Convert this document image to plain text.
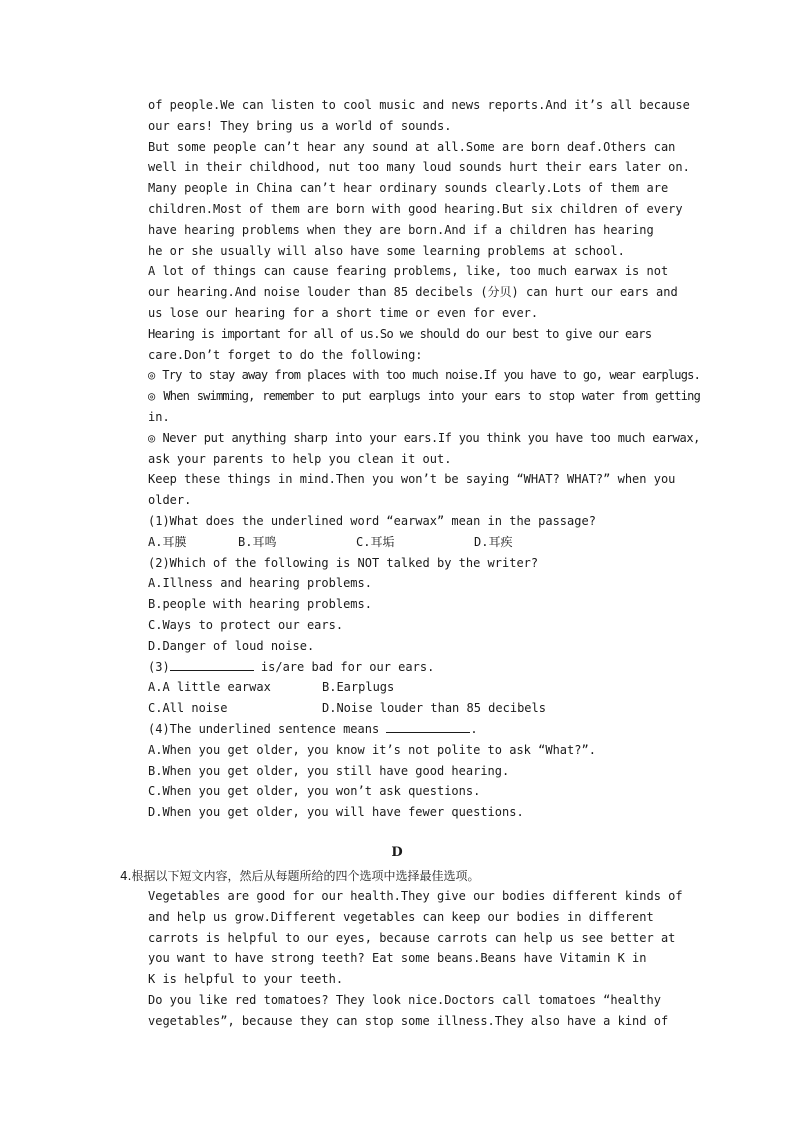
of people.We can listen to cool music and news reports.And it’s all because
our ears! They bring us a world of sounds.
But some people can’t hear any sound at all.Some are born deaf.Others can
well in their childhood, nut too many loud sounds hurt their ears later on.
Many people in China can’t hear ordinary sounds clearly.Lots of them are
children.Most of them are born with good hearing.But six children of every
have hearing problems when they are born.And if a children has hearing
he or she usually will also have some learning problems at school.
A lot of things can cause fearing problems, like, too much earwax is not
our hearing.And noise louder than 85 decibels (分贝) can hurt our ears and
us lose our hearing for a short time or even for ever.
Hearing is important for all of us.So we should do our best to give our ears
care.Don’t forget to do the following:
◎ Try to stay away from places with too much noise.If you have to go, wear earplugs.
◎ When swimming, remember to put earplugs into your ears to stop water from getting
in.
◎ Never put anything sharp into your ears.If you think you have too much earwax,
ask your parents to help you clean it out.
Keep these things in mind.Then you won’t be saying “WHAT? WHAT?” when you
older.
(1)What does the underlined word “earwax” mean in the passage?
A.耳膜	B.耳鸣	C.耳垢	D.耳疾
(2)Which of the following is NOT talked by the writer?
A.Illness and hearing problems.
B.people with hearing problems.
C.Ways to protect our ears.
D.Danger of loud noise.
(3)	is/are bad for our ears.
A.A little earwax	B.Earplugs
C.All noise	D.Noise louder than 85 decibels
(4)The underlined sentence means	.
A.When you get older, you know it’s not polite to ask “What?”.
B.When you get older, you still have good hearing.
C.When you get older, you won’t ask questions.
D.When you get older, you will have fewer questions.
D
4.根据以下短文内容，然后从每题所给的四个选项中选择最佳选项。
Vegetables are good for our health.They give our bodies different kinds of
and help us grow.Different vegetables can keep our bodies in different
carrots is helpful to our eyes, because carrots can help us see better at
you want to have strong teeth? Eat some beans.Beans have Vitamin K in
K is helpful to your teeth.
Do you like red tomatoes? They look nice.Doctors call tomatoes “healthy
vegetables”, because they can stop some illness.They also have a kind of
